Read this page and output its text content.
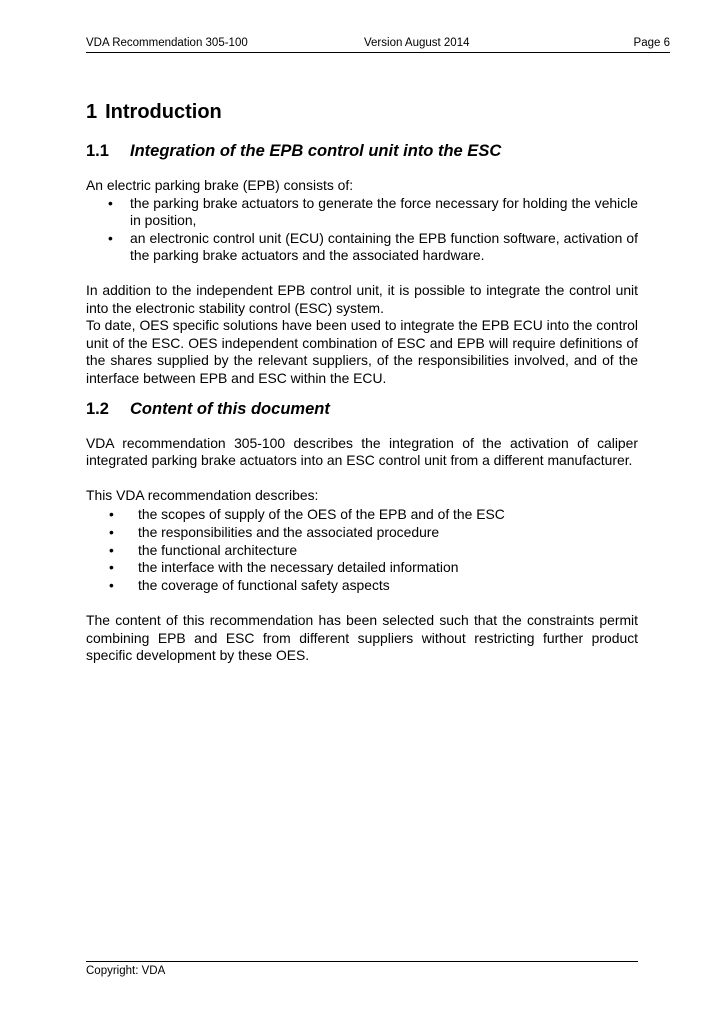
VDA Recommendation 305-100	Version August 2014	Page 6
1 Introduction
1.1 Integration of the EPB control unit into the ESC

An electric parking brake (EPB) consists of:

• the parking brake actuators to generate the force necessary for holding the vehicle in position,
• an electronic control unit (ECU) containing the EPB function software, activation of the parking brake actuators and the associated hardware.

In addition to the independent EPB control unit, it is possible to integrate the control unit into the electronic stability control (ESC) system.

To date, OES specific solutions have been used to integrate the EPB ECU into the control unit of the ESC. OES independent combination of ESC and EPB will require definitions of the shares supplied by the relevant suppliers, of the responsibilities involved, and of the interface between EPB and ESC within the ECU.

1.2 Content of this document

VDA recommendation 305-100 describes the integration of the activation of caliper integrated parking brake actuators into an ESC control unit from a different manufacturer.

This VDA recommendation describes:

• the scopes of supply of the OES of the EPB and of the ESC
• the responsibilities and the associated procedure
• the functional architecture
• the interface with the necessary detailed information
• the coverage of functional safety aspects

The content of this recommendation has been selected such that the constraints permit combining EPB and ESC from different suppliers without restricting further product specific development by these OES.

Copyright: VDA
